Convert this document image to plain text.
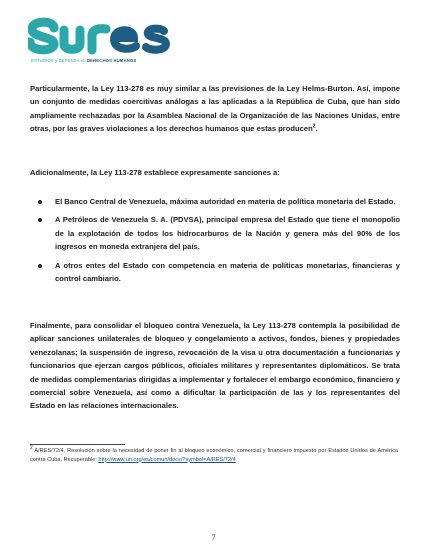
ESTUDIOS y DEFENSA en DERECHOS HUMANOS

Particularmente, la Ley 113-278 es muy similar a las previsiones de la Ley Helms-Burton. Así, impone un conjunto de medidas coercitivas análogas a las aplicadas a la República de Cuba, que han sido ampliamente rechazadas por la Asamblea Nacional de la Organización de las Naciones Unidas, entre otras, por las graves violaciones a los derechos humanos que estas producen$^2$.

Adicionalmente, la Ley 113-278 establece expresamente sanciones a:

El Banco Central de Venezuela, máxima autoridad en materia de política monetaria del Estado.
A Petróleos de Venezuela S. A. (PDVSA), principal empresa del Estado que tiene el monopolio de la explotación de todos los hidrocarburos de la Nación y genera más del 90% de los ingresos en moneda extranjera del país.
A otros entes del Estado con competencia en materia de políticas monetarias, financieras y control cambiario.

Finalmente, para consolidar el bloqueo contra Venezuela, la Ley 113-278 contempla la posibilidad de aplicar sanciones unilaterales de bloqueo y congelamiento a activos, fondos, bienes y propiedades venezolanas; la suspensión de ingreso, revocación de la visa u otra documentación a funcionarias y funcionarios que ejerzan cargos públicos, oficiales militares y representantes diplomáticos. Se trata de medidas complementarias dirigidas a implementar y fortalecer el embargo económico, financiero y comercial sobre Venezuela, así como a dificultar la participación de las y los representantes del Estado en las relaciones internacionales.

2 A/RES/72/4. Resolución sobre la necesidad de poner fin al bloqueo económico, comercial y financiero impuesto por Estados Unidos de América contra Cuba. Recuperable: http://www.un.org/es/comun/docs/?symbol=A/RES/72/4
7
